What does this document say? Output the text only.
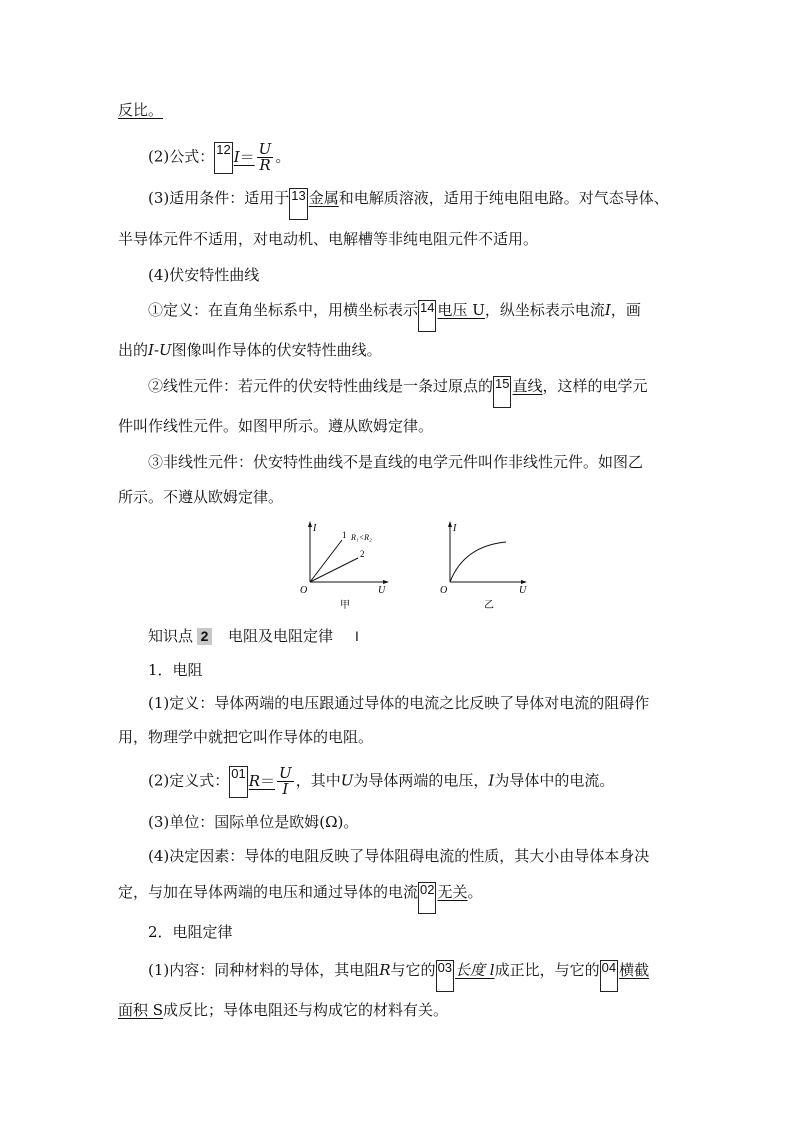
反比。
(2)公式： 12 $I= \frac{U}{R}$ 。
(3)适用条件：适用于 13 金属和电解质溶液，适用于纯电阻电路。对气态导体、
半导体元件不适用，对电动机、电解槽等非纯电阻元件不适用。
(4)伏安特性曲线
①定义：在直角坐标系中，用横坐标表示 14 电压 U，纵坐标表示电流I，画
出的I-U图像叫作导体的伏安特性曲线。
②线性元件：若元件的伏安特性曲线是一条过原点的 15 直线，这样的电学元
件叫作线性元件。如图甲所示。遵从欧姆定律。
③非线性元件：伏安特性曲线不是直线的电学元件叫作非线性元件。如图乙
所示。不遵从欧姆定律。
I
U
O
1 R₁<R₂
2
甲
I
U
O
乙
知识点 2 电阻及电阻定律 Ⅰ
1．电阻
(1)定义：导体两端的电压跟通过导体的电流之比反映了导体对电流的阻碍作
用，物理学中就把它叫作导体的电阻。
(2)定义式： 01 $R= \frac{U}{I}$ ，其中U为导体两端的电压，I为导体中的电流。
(3)单位：国际单位是欧姆(Ω)。
(4)决定因素：导体的电阻反映了导体阻碍电流的性质，其大小由导体本身决
定，与加在导体两端的电压和通过导体的电流 02 无关。
2．电阻定律
(1)内容：同种材料的导体，其电阻R与它的 03 长度 l成正比，与它的 04 横截
面积 S成反比；导体电阻还与构成它的材料有关。
